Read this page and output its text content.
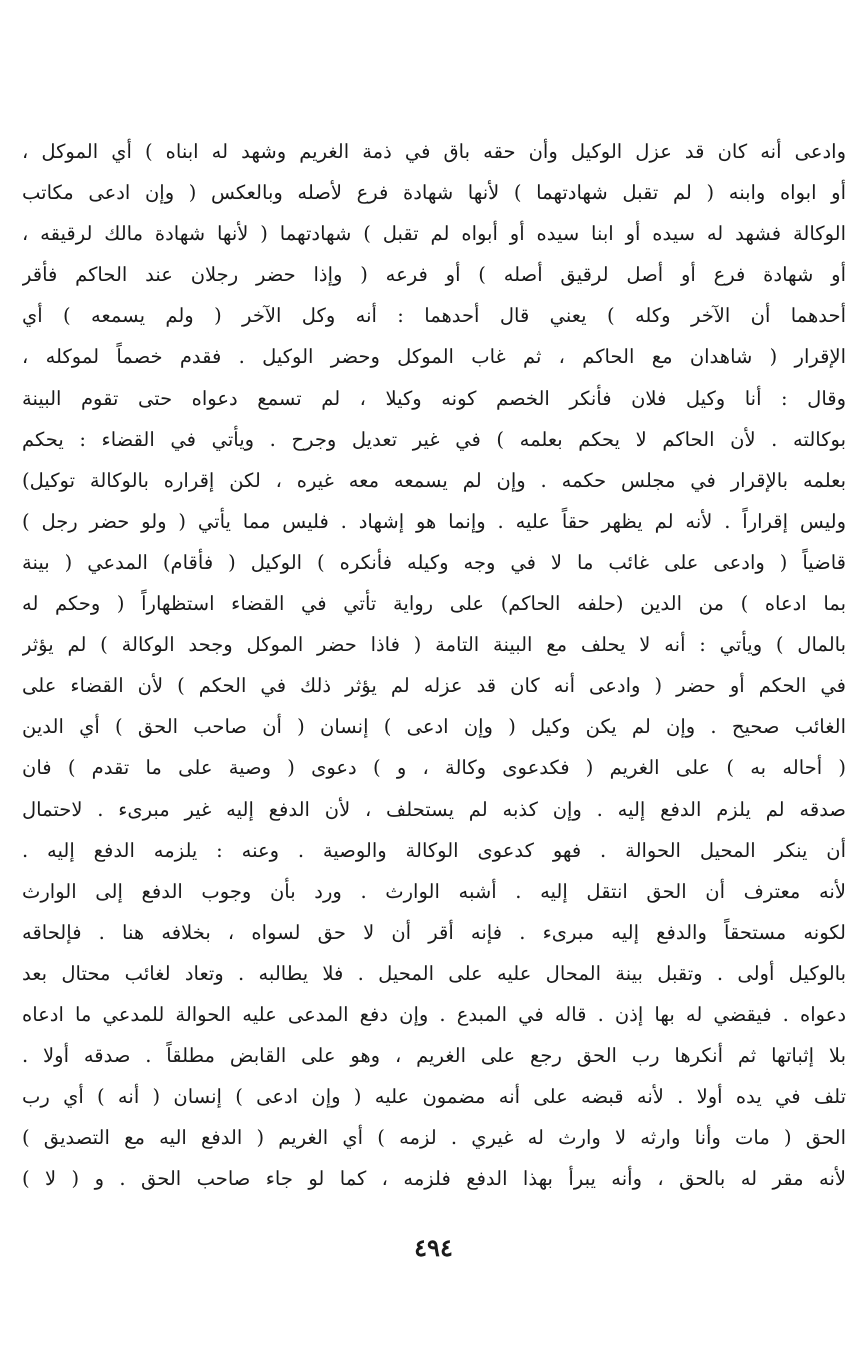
وادعى أنه كان قد عزل الوكيل وأن حقه باق في ذمة الغريم وشهد له ابناه ) أي الموكل ،
أو ابواه وابنه ( لم تقبل شهادتهما ) لأنها شهادة فرع لأصله وبالعكس ( وإن ادعى مكاتب
الوكالة فشهد له سيده أو ابنا سيده أو أبواه لم تقبل ) شهادتهما ( لأنها شهادة مالك لرقيقه ،
أو شهادة فرع أو أصل لرقيق أصله ) أو فرعه ( وإذا حضر رجلان عند الحاكم فأقر
أحدهما أن الآخر وكله ) يعني قال أحدهما : أنه وكل الآخر ( ولم يسمعه ) أي
الإقرار ( شاهدان مع الحاكم ، ثم غاب الموكل وحضر الوكيل . فقدم خصماً لموكله ،
وقال : أنا وكيل فلان فأنكر الخصم كونه وكيلا ، لم تسمع دعواه حتى تقوم البينة
بوكالته . لأن الحاكم لا يحكم بعلمه ) في غير تعديل وجرح . ويأتي في القضاء : يحكم
بعلمه بالإقرار في مجلس حكمه . وإن لم يسمعه معه غيره ، لكن إقراره بالوكالة توكيل)
وليس إقراراً . لأنه لم يظهر حقاً عليه . وإنما هو إشهاد . فليس مما يأتي ( ولو حضر رجل )
قاضياً ( وادعى على غائب ما لا في وجه وكيله فأنكره ) الوكيل ( فأقام) المدعي ( بينة
بما ادعاه ) من الدين (حلفه الحاكم) على رواية تأتي في القضاء استظهاراً ( وحكم له
بالمال ) ويأتي : أنه لا يحلف مع البينة التامة ( فاذا حضر الموكل وجحد الوكالة ) لم يؤثر
في الحكم أو حضر ( وادعى أنه كان قد عزله لم يؤثر ذلك في الحكم ) لأن القضاء على
الغائب صحيح . وإن لم يكن وكيل ( وإن ادعى ) إنسان ( أن صاحب الحق ) أي الدين
( أحاله به ) على الغريم ( فكدعوى وكالة ، و ) دعوى ( وصية على ما تقدم ) فان
صدقه لم يلزم الدفع إليه . وإن كذبه لم يستحلف ، لأن الدفع إليه غير مبرىء . لاحتمال
أن ينكر المحيل الحوالة . فهو كدعوى الوكالة والوصية . وعنه : يلزمه الدفع إليه .
لأنه معترف أن الحق انتقل إليه . أشبه الوارث . ورد بأن وجوب الدفع إلى الوارث
لكونه مستحقاً والدفع إليه مبرىء . فإنه أقر أن لا حق لسواه ، بخلافه هنا . فإلحاقه
بالوكيل أولى . وتقبل بينة المحال عليه على المحيل . فلا يطالبه . وتعاد لغائب محتال بعد
دعواه . فيقضي له بها إذن . قاله في المبدع . وإن دفع المدعى عليه الحوالة للمدعي ما ادعاه
بلا إثباتها ثم أنكرها رب الحق رجع على الغريم ، وهو على القابض مطلقاً . صدقه أولا .
تلف في يده أولا . لأنه قبضه على أنه مضمون عليه ( وإن ادعى ) إنسان ( أنه ) أي رب
الحق ( مات وأنا وارثه لا وارث له غيري . لزمه ) أي الغريم ( الدفع اليه مع التصديق )
لأنه مقر له بالحق ، وأنه يبرأ بهذا الدفع فلزمه ، كما لو جاء صاحب الحق . و ( لا )
٤٩٤
